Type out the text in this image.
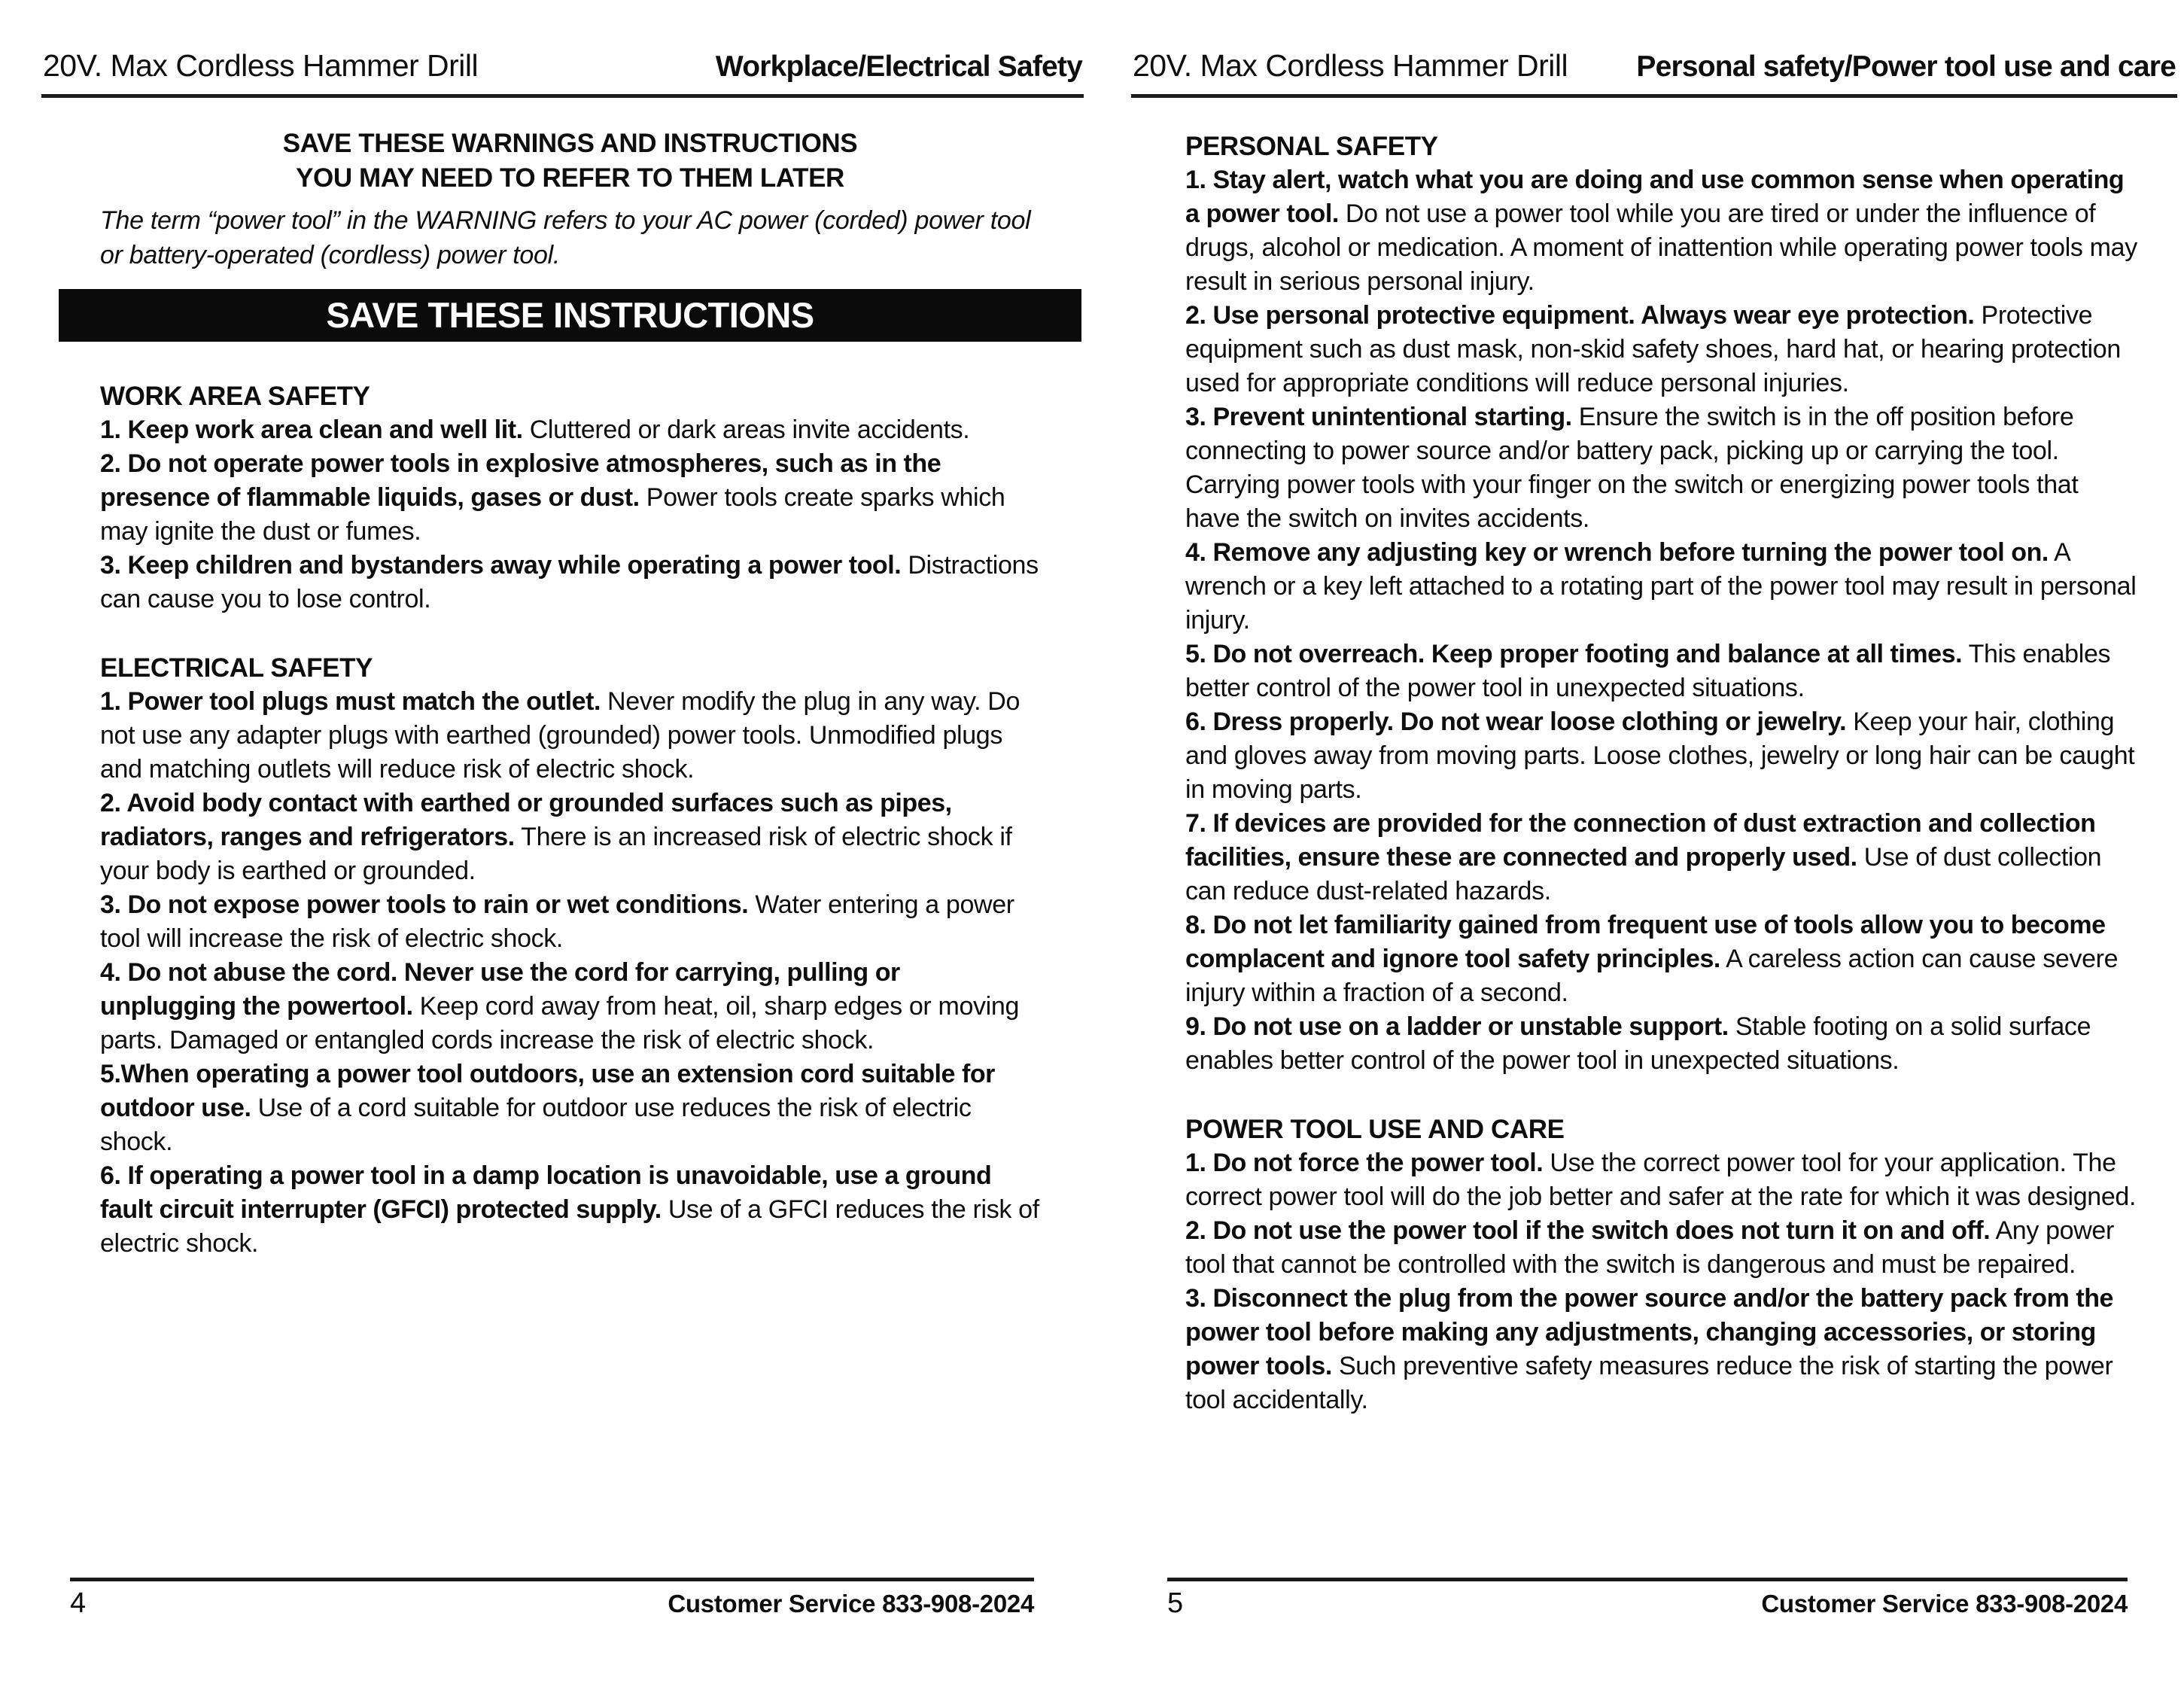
20V. Max Cordless Hammer Drill	Workplace/Electrical Safety
SAVE THESE WARNINGS AND INSTRUCTIONS
YOU MAY NEED TO REFER TO THEM LATER

The term “power tool” in the WARNING refers to your AC power (corded) power tool or battery-operated (cordless) power tool.

SAVE THESE INSTRUCTIONS
WORK AREA SAFETY

1. Keep work area clean and well lit. Cluttered or dark areas invite accidents.

2. Do not operate power tools in explosive atmospheres, such as in the presence of flammable liquids, gases or dust. Power tools create sparks which may ignite the dust or fumes.

3. Keep children and bystanders away while operating a power tool. Distractions can cause you to lose control.

ELECTRICAL SAFETY

1. Power tool plugs must match the outlet. Never modify the plug in any way. Do not use any adapter plugs with earthed (grounded) power tools. Unmodified plugs and matching outlets will reduce risk of electric shock.

2. Avoid body contact with earthed or grounded surfaces such as pipes, radiators, ranges and refrigerators. There is an increased risk of electric shock if your body is earthed or grounded.

3. Do not expose power tools to rain or wet conditions. Water entering a power tool will increase the risk of electric shock.

4. Do not abuse the cord. Never use the cord for carrying, pulling or unplugging the powertool. Keep cord away from heat, oil, sharp edges or moving parts. Damaged or entangled cords increase the risk of electric shock.

5.When operating a power tool outdoors, use an extension cord suitable for outdoor use. Use of a cord suitable for outdoor use reduces the risk of electric shock.

6. If operating a power tool in a damp location is unavoidable, use a ground fault circuit interrupter (GFCI) protected supply. Use of a GFCI reduces the risk of electric shock.

4	Customer Service 833-908-2024
20V. Max Cordless Hammer Drill Personal safety/Power tool use and care
PERSONAL SAFETY

1. Stay alert, watch what you are doing and use common sense when operating a power tool. Do not use a power tool while you are tired or under the influence of drugs, alcohol or medication. A moment of inattention while operating power tools may result in serious personal injury.

2. Use personal protective equipment. Always wear eye protection. Protective equipment such as dust mask, non-skid safety shoes, hard hat, or hearing protection used for appropriate conditions will reduce personal injuries.

3. Prevent unintentional starting. Ensure the switch is in the off position before connecting to power source and/or battery pack, picking up or carrying the tool. Carrying power tools with your finger on the switch or energizing power tools that have the switch on invites accidents.

4. Remove any adjusting key or wrench before turning the power tool on. A wrench or a key left attached to a rotating part of the power tool may result in personal injury.

5. Do not overreach. Keep proper footing and balance at all times. This enables better control of the power tool in unexpected situations.

6. Dress properly. Do not wear loose clothing or jewelry. Keep your hair, clothing and gloves away from moving parts. Loose clothes, jewelry or long hair can be caught in moving parts.

7. If devices are provided for the connection of dust extraction and collection facilities, ensure these are connected and properly used. Use of dust collection can reduce dust-related hazards.

8. Do not let familiarity gained from frequent use of tools allow you to become complacent and ignore tool safety principles. A careless action can cause severe injury within a fraction of a second.

9. Do not use on a ladder or unstable support. Stable footing on a solid surface enables better control of the power tool in unexpected situations.

POWER TOOL USE AND CARE

1. Do not force the power tool. Use the correct power tool for your application. The correct power tool will do the job better and safer at the rate for which it was designed.

2. Do not use the power tool if the switch does not turn it on and off. Any power tool that cannot be controlled with the switch is dangerous and must be repaired.

3. Disconnect the plug from the power source and/or the battery pack from the power tool before making any adjustments, changing accessories, or storing power tools. Such preventive safety measures reduce the risk of starting the power tool accidentally.

5	Customer Service 833-908-2024
